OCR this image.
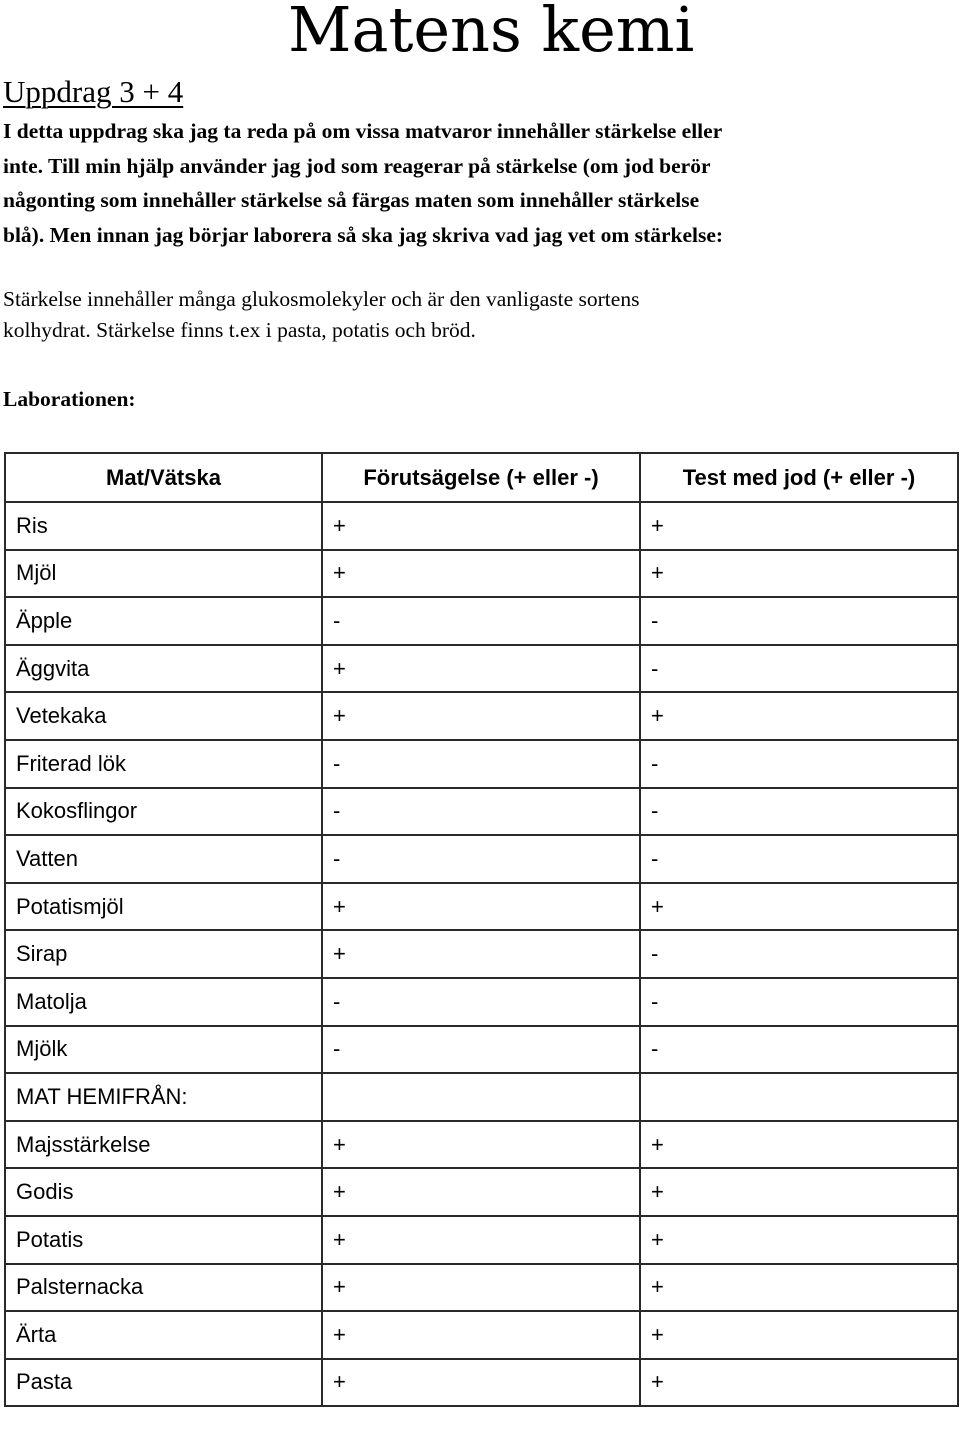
Matens kemi
Uppdrag 3 + 4
I detta uppdrag ska jag ta reda på om vissa matvaror innehåller stärkelse eller
inte. Till min hjälp använder jag jod som reagerar på stärkelse (om jod berör
någonting som innehåller stärkelse så färgas maten som innehåller stärkelse
blå). Men innan jag börjar laborera så ska jag skriva vad jag vet om stärkelse:
Stärkelse innehåller många glukosmolekyler och är den vanligaste sortens
kolhydrat. Stärkelse finns t.ex i pasta, potatis och bröd.
Laborationen:
Mat/Vätska	Förutsägelse (+ eller -)	Test med jod (+ eller -)
Ris	+	+
Mjöl	+	+
Äpple	-	-
Äggvita	+	-
Vetekaka	+	+
Friterad lök	-	-
Kokosflingor	-	-
Vatten	-	-
Potatismjöl	+	+
Sirap	+	-
Matolja	-	-
Mjölk	-	-
MAT HEMIFRÅN:		
Majsstärkelse	+	+
Godis	+	+
Potatis	+	+
Palsternacka	+	+
Ärta	+	+
Pasta	+	+
